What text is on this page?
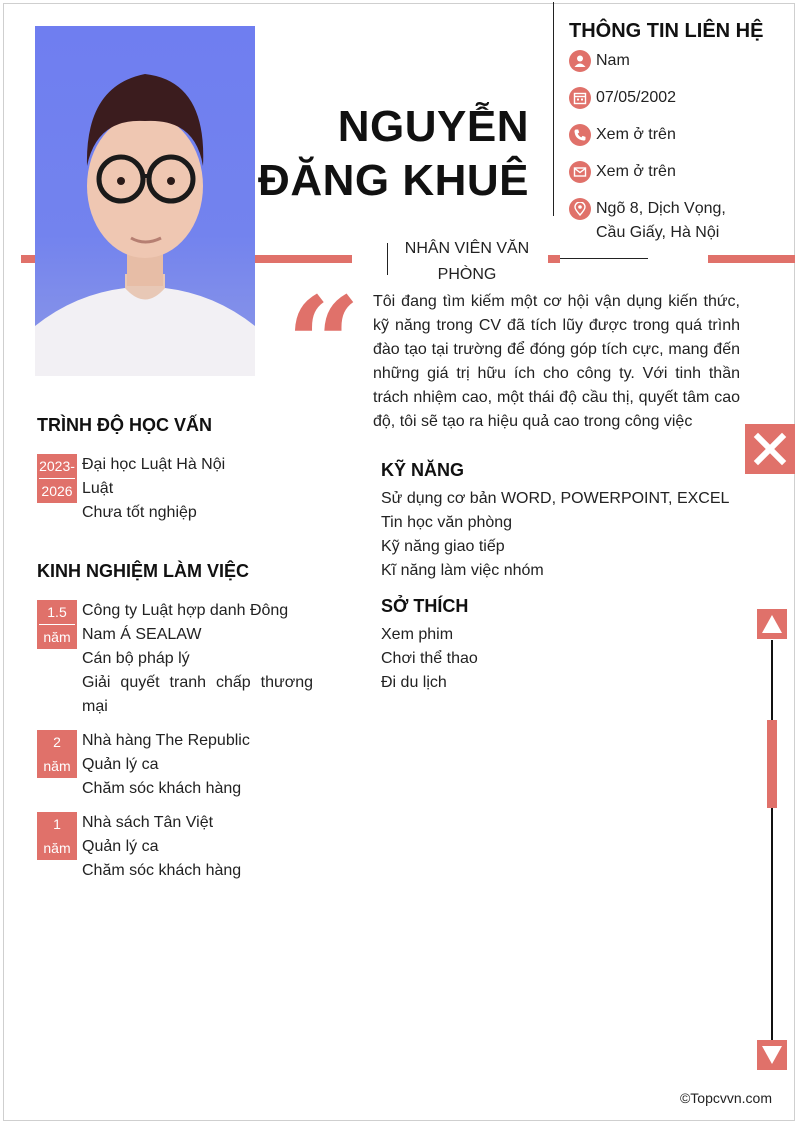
NGUYỄN
ĐĂNG KHUÊ
THÔNG TIN LIÊN HỆ
Nam
07/05/2002
Xem ở trên
Xem ở trên
Ngõ 8, Dịch Vọng, Cầu Giấy, Hà Nội
NHÂN VIÊN VĂN PHÒNG
“ Tôi đang tìm kiếm một cơ hội vận dụng kiến thức, kỹ năng trong CV đã tích lũy được trong quá trình đào tạo tại trường để đóng góp tích cực, mang đến những giá trị hữu ích cho công ty. Với tinh thần trách nhiệm cao, một thái độ cầu thị, quyết tâm cao độ, tôi sẽ tạo ra hiệu quả cao trong công việc
TRÌNH ĐỘ HỌC VẤN
2023-
2026
Đại học Luật Hà Nội
Luật
Chưa tốt nghiệp
KINH NGHIỆM LÀM VIỆC
1.5
năm
Công ty Luật hợp danh Đông Nam Á SEALAW
Cán bộ pháp lý
Giải quyết tranh chấp thương mại
2
năm
Nhà hàng The Republic
Quản lý ca
Chăm sóc khách hàng
1
năm
Nhà sách Tân Việt
Quản lý ca
Chăm sóc khách hàng
KỸ NĂNG
Sử dụng cơ bản WORD, POWERPOINT, EXCEL
Tin học văn phòng
Kỹ năng giao tiếp
Kĩ năng làm việc nhóm
SỞ THÍCH
Xem phim
Chơi thể thao
Đi du lịch
©Topcvvn.com
